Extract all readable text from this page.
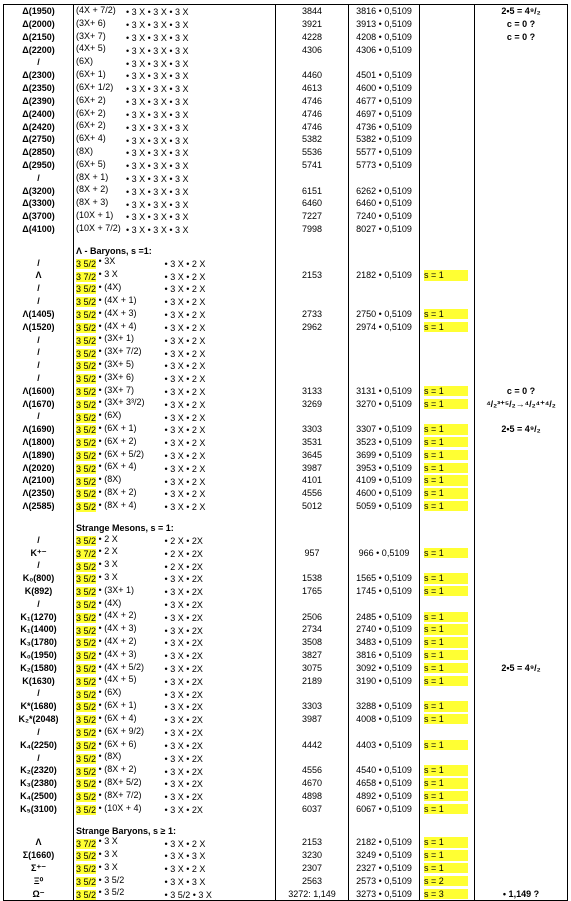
Δ(1950)	(4X + 7/2) • 3 X • 3 X • 3 X	3844	3816 • 0,5109		2•5 = 4⁹/₂
Δ(2000)	(3X+ 6) • 3 X • 3 X • 3 X	3921	3913 • 0,5109		c = 0 ?
Δ(2150)	(3X+ 7) • 3 X • 3 X • 3 X	4228	4208 • 0,5109		c = 0 ?
Δ(2200)	(4X+ 5) • 3 X • 3 X • 3 X	4306	4306 • 0,5109		
/	(6X) • 3 X • 3 X • 3 X				
Δ(2300)	(6X+ 1) • 3 X • 3 X • 3 X	4460	4501 • 0,5109		
Δ(2350)	(6X+ 1/2) • 3 X • 3 X • 3 X	4613	4600 • 0,5109		
Δ(2390)	(6X+ 2) • 3 X • 3 X • 3 X	4746	4677 • 0,5109		
Δ(2400)	(6X+ 2) • 3 X • 3 X • 3 X	4746	4697 • 0,5109		
Δ(2420)	(6X+ 2) • 3 X • 3 X • 3 X	4746	4736 • 0,5109		
Δ(2750)	(6X+ 4) • 3 X • 3 X • 3 X	5382	5382 • 0,5109		
Δ(2850)	(8X) • 3 X • 3 X • 3 X	5536	5577 • 0,5109		
Δ(2950)	(6X+ 5) • 3 X • 3 X • 3 X	5741	5773 • 0,5109		
/	(8X + 1) • 3 X • 3 X • 3 X				
Δ(3200)	(8X + 2) • 3 X • 3 X • 3 X	6151	6262 • 0,5109		
Δ(3300)	(8X + 3) • 3 X • 3 X • 3 X	6460	6460 • 0,5109		
Δ(3700)	(10X + 1) • 3 X • 3 X • 3 X	7227	7240 • 0,5109		
Δ(4100)	(10X + 7/2) • 3 X • 3 X • 3 X	7998	8027 • 0,5109		

	Λ - Baryons, s =1:				
/	3 5/2 • 3X • 3 X • 2 X				
Λ	3 7/2 • 3 X • 3 X • 2 X	2153	2182 • 0,5109	s = 1	
/	3 5/2 • (4X) • 3 X • 2 X				
/	3 5/2 • (4X + 1) • 3 X • 2 X				
Λ(1405)	3 5/2 • (4X + 3) • 3 X • 2 X	2733	2750 • 0,5109	s = 1	
Λ(1520)	3 5/2 • (4X + 4) • 3 X • 2 X	2962	2974 • 0,5109	s = 1	
/	3 5/2 • (3X+ 1) • 3 X • 2 X				
/	3 5/2 • (3X+ 7/2) • 3 X • 2 X				
/	3 5/2 • (3X+ 5) • 3 X • 2 X				
/	3 5/2 • (3X+ 6) • 3 X • 2 X				
Λ(1600)	3 5/2 • (3X+ 7) • 3 X • 2 X	3133	3131 • 0,5109	s = 1	c = 0 ?
Λ(1670)	3 5/2 • (3X+ 3³/2) • 3 X • 2 X	3269	3270 • 0,5109	s = 1	⁴/₂³⁺⁵/₂→⁴/₂⁴⁺⁴/₂
/	3 5/2 • (6X) • 3 X • 2 X				
Λ(1690)	3 5/2 • (6X + 1) • 3 X • 2 X	3303	3307 • 0,5109	s = 1	2•5 = 4⁹/₂
Λ(1800)	3 5/2 • (6X + 2) • 3 X • 2 X	3531	3523 • 0,5109	s = 1	
Λ(1890)	3 5/2 • (6X + 5/2) • 3 X • 2 X	3645	3699 • 0,5109	s = 1	
Λ(2020)	3 5/2 • (6X + 4) • 3 X • 2 X	3987	3953 • 0,5109	s = 1	
Λ(2100)	3 5/2 • (8X) • 3 X • 2 X	4101	4109 • 0,5109	s = 1	
Λ(2350)	3 5/2 • (8X + 2) • 3 X • 2 X	4556	4600 • 0,5109	s = 1	
Λ(2585)	3 5/2 • (8X + 4) • 3 X • 2 X	5012	5059 • 0,5109	s = 1	

	Strange Mesons, s = 1:				
/	3 5/2 • 2 X • 2 X • 2X				
K⁺⁻	3 7/2 • 2 X • 2 X • 2X	957	966 • 0,5109	s = 1	
/	3 5/2 • 3 X • 2 X • 2X				
K₀(800)	3 5/2 • 3 X • 3 X • 2X	1538	1565 • 0,5109	s = 1	
K(892)	3 5/2 • (3X+ 1) • 3 X • 2X	1765	1745 • 0,5109	s = 1	
/	3 5/2 • (4X) • 3 X • 2X				
K₁(1270)	3 5/2 • (4X + 2) • 3 X • 2X	2506	2485 • 0,5109	s = 1	
K₁(1400)	3 5/2 • (4X + 3) • 3 X • 2X	2734	2740 • 0,5109	s = 1	
K₃(1780)	3 5/2 • (4X + 2) • 3 X • 2X	3508	3483 • 0,5109	s = 1	
K₀(1950)	3 5/2 • (4X + 3) • 3 X • 2X	3827	3816 • 0,5109	s = 1	
K₂(1580)	3 5/2 • (4X + 5/2) • 3 X • 2X	3075	3092 • 0,5109	s = 1	2•5 = 4⁹/₂
K(1630)	3 5/2 • (4X + 5) • 3 X • 2X	2189	3190 • 0,5109	s = 1	
/	3 5/2 • (6X) • 3 X • 2X				
K*(1680)	3 5/2 • (6X + 1) • 3 X • 2X	3303	3288 • 0,5109	s = 1	
K₂*(2048)	3 5/2 • (6X + 4) • 3 X • 2X	3987	4008 • 0,5109	s = 1	
/	3 5/2 • (6X + 9/2) • 3 X • 2X				
K₄(2250)	3 5/2 • (6X + 6) • 3 X • 2X	4442	4403 • 0,5109	s = 1	
/	3 5/2 • (8X) • 3 X • 2X				
K₂(2320)	3 5/2 • (8X + 2) • 3 X • 2X	4556	4540 • 0,5109	s = 1	
K₃(2380)	3 5/2 • (8X+ 5/2) • 3 X • 2X	4670	4658 • 0,5109	s = 1	
K₄(2500)	3 5/2 • (8X+ 7/2) • 3 X • 2X	4898	4892 • 0,5109	s = 1	
K₅(3100)	3 5/2 • (10X + 4) • 3 X • 2X	6037	6067 • 0,5109	s = 1	

	Strange Baryons, s ≥ 1:				
Λ	3 7/2 • 3 X • 3 X • 2 X	2153	2182 • 0,5109	s = 1	
Σ(1660)	3 5/2 • 3 X • 3 X • 3 X	3230	3249 • 0,5109	s = 1	
Σ⁺⁻	3 5/2 • 3 X • 3 X • 2 X	2307	2327 • 0,5109	s = 1	
Ξ⁰	3 5/2 • 3 5/2 • 3 X • 3 X	2563	2573 • 0,5109	s = 2	
Ω⁻	3 5/2 • 3 5/2 • 3 5/2 • 3 X	3272: 1,149	3273 • 0,5109	s = 3	• 1,149 ?
